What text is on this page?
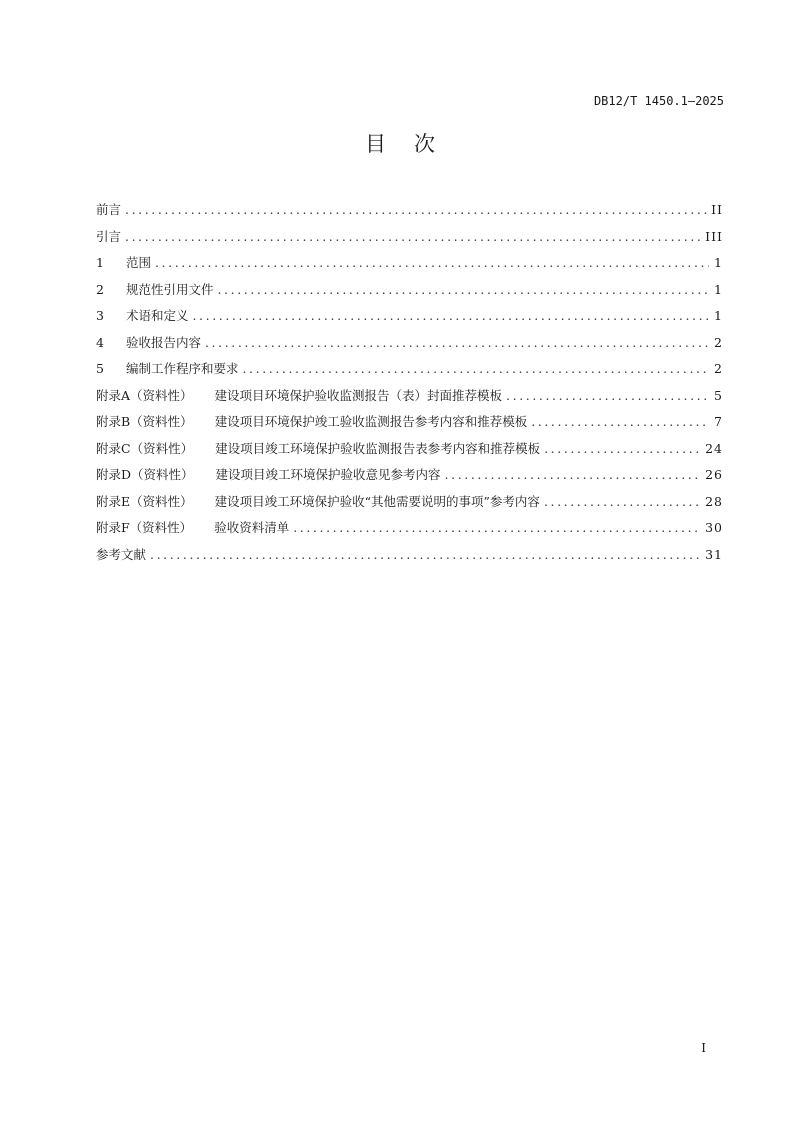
DB12/T 1450.1—2025
目次
前言 .....	II
引言 .....	III
1 范围 .....	1
2 规范性引用文件 .....	1
3 术语和定义 .....	1
4 验收报告内容 .....	2
5 编制工作程序和要求 .....	2
附录A（资料性） 建设项目环境保护验收监测报告（表）封面推荐模板 .....	5
附录B（资料性） 建设项目环境保护竣工验收监测报告参考内容和推荐模板 .....	7
附录C（资料性） 建设项目竣工环境保护验收监测报告表参考内容和推荐模板 .....	24
附录D（资料性） 建设项目竣工环境保护验收意见参考内容 .....	26
附录E（资料性） 建设项目竣工环境保护验收“其他需要说明的事项”参考内容 .....	28
附录F（资料性） 验收资料清单 .....	30
参考文献 .....	31
I
